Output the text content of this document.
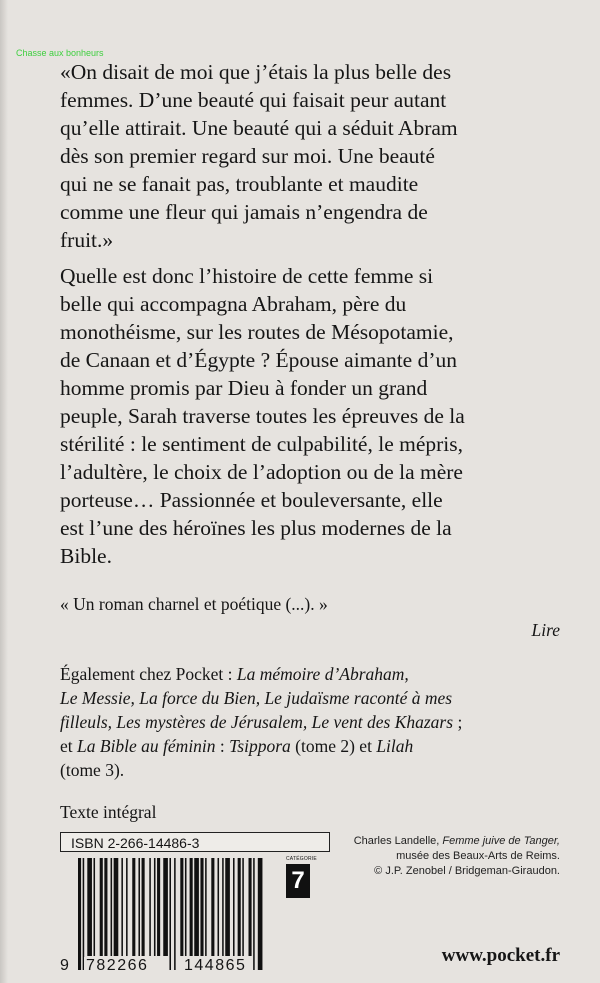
Chasse aux bonheurs
«On disait de moi que j’étais la plus belle des
femmes. D’une beauté qui faisait peur autant
qu’elle attirait. Une beauté qui a séduit Abram
dès son premier regard sur moi. Une beauté
qui ne se fanait pas, troublante et maudite
comme une fleur qui jamais n’engendra de
fruit.»
Quelle est donc l’histoire de cette femme si
belle qui accompagna Abraham, père du
monothéisme, sur les routes de Mésopotamie,
de Canaan et d’Égypte ? Épouse aimante d’un
homme promis par Dieu à fonder un grand
peuple, Sarah traverse toutes les épreuves de la
stérilité : le sentiment de culpabilité, le mépris,
l’adultère, le choix de l’adoption ou de la mère
porteuse… Passionnée et bouleversante, elle
est l’une des héroïnes les plus modernes de la
Bible.
« Un roman charnel et poétique (...). »
Lire
Également chez Pocket : La mémoire d’Abraham,
Le Messie, La force du Bien, Le judaïsme raconté à mes
filleuls, Les mystères de Jérusalem, Le vent des Khazars ;
et La Bible au féminin : Tsippora (tome 2) et Lilah
(tome 3).
Texte intégral
ISBN 2-266-14486-3	Charles Landelle, Femme juive de Tanger,
musée des Beaux-Arts de Reims.
© J.P. Zenobel / Bridgeman-Giraudon.
9 782266 144865
CATÉGORIE
7
www.pocket.fr
